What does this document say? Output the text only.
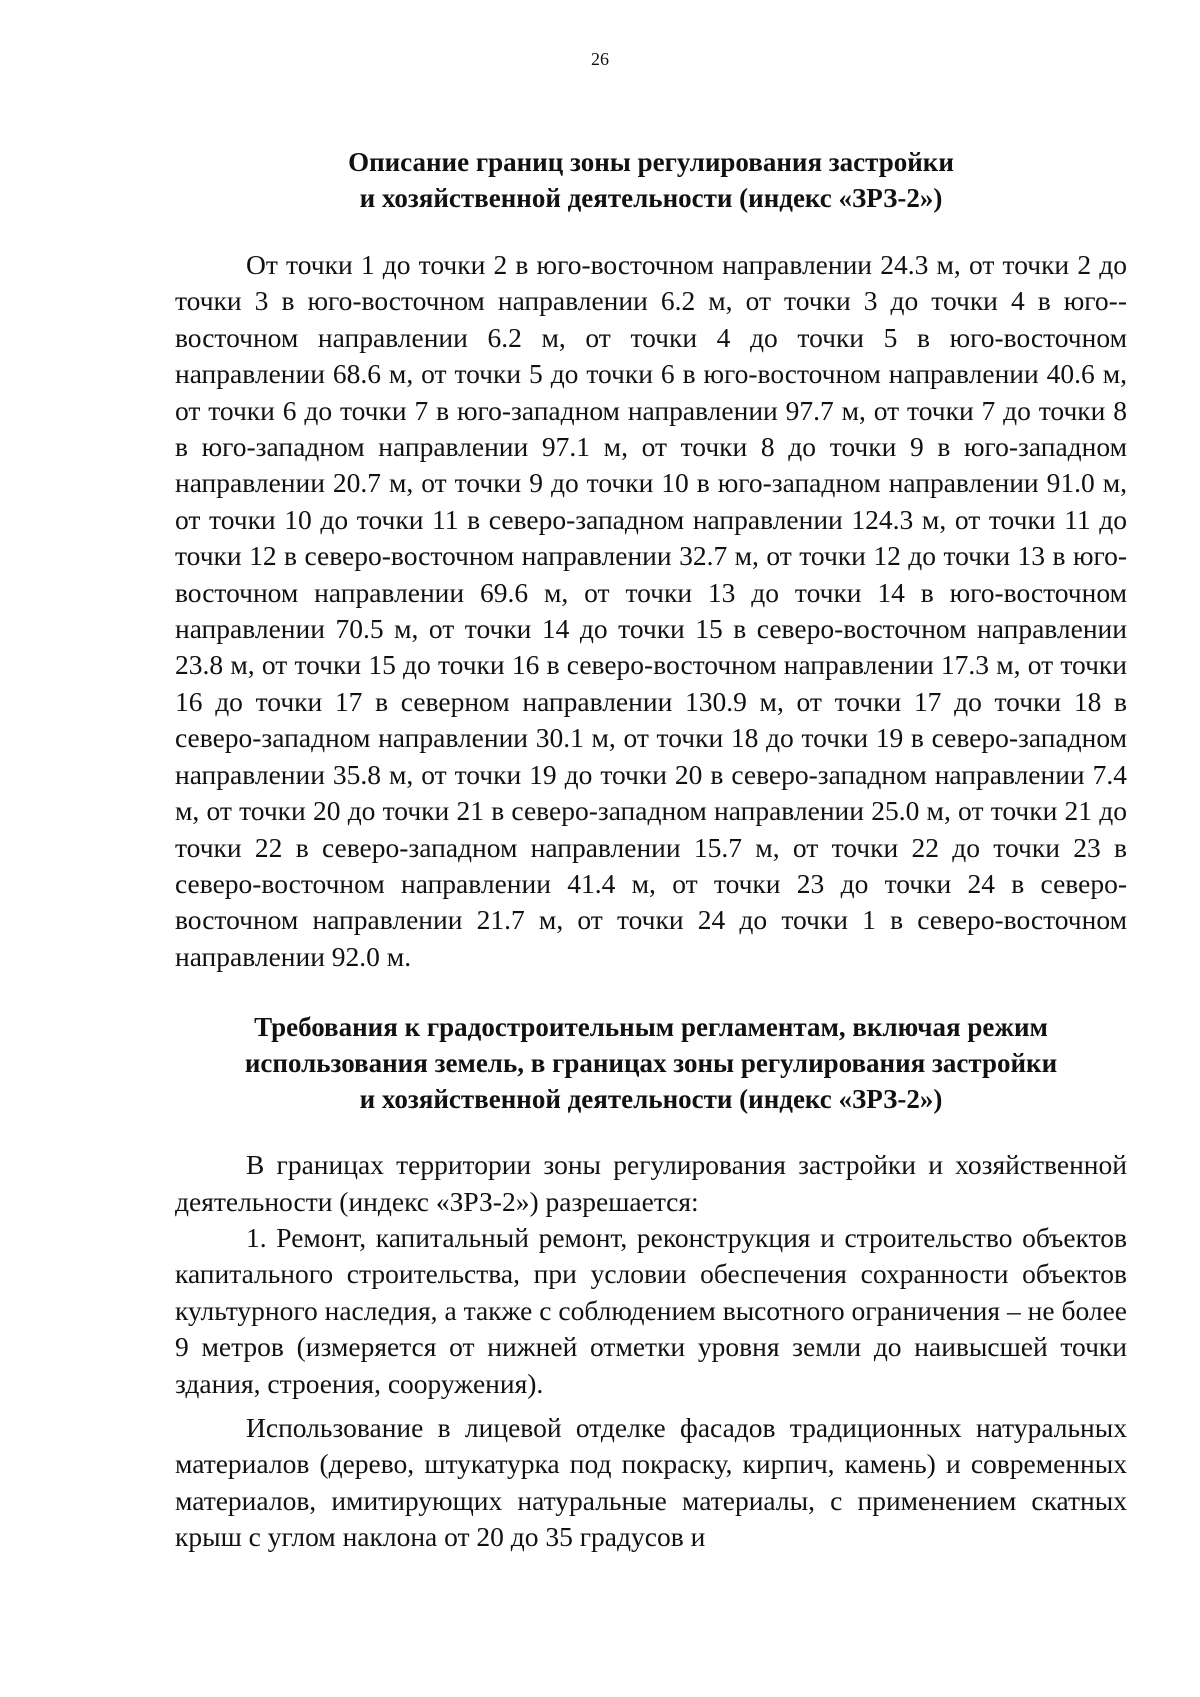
26
Описание границ зоны регулирования застройки
и хозяйственной деятельности (индекс «ЗРЗ-2»)

От точки 1 до точки 2 в юго-восточном направлении 24.3 м, от точки 2 до точки 3 в юго-восточном направлении 6.2 м, от точки 3 до точки 4 в юго-восточном направлении 6.2 м, от точки 4 до точки 5 в юго-восточном направлении 68.6 м, от точки 5 до точки 6 в юго-восточном направлении 40.6 м, от точки 6 до точки 7 в юго-западном направлении 97.7 м, от точки 7 до точки 8 в юго-западном направлении 97.1 м, от точки 8 до точки 9 в юго-западном направлении 20.7 м, от точки 9 до точки 10 в юго-западном направлении 91.0 м, от точки 10 до точки 11 в северо-западном направлении 124.3 м, от точки 11 до точки 12 в северо-восточном направлении 32.7 м, от точки 12 до точки 13 в юго-восточном направлении 69.6 м, от точки 13 до точки 14 в юго-восточном направлении 70.5 м, от точки 14 до точки 15 в северо-восточном направлении 23.8 м, от точки 15 до точки 16 в северо-восточном направлении 17.3 м, от точки 16 до точки 17 в северном направлении 130.9 м, от точки 17 до точки 18 в северо-западном направлении 30.1 м, от точки 18 до точки 19 в северо-западном направлении 35.8 м, от точки 19 до точки 20 в северо-западном направлении 7.4 м, от точки 20 до точки 21 в северо-западном направлении 25.0 м, от точки 21 до точки 22 в северо-западном направлении 15.7 м, от точки 22 до точки 23 в северо-восточном направлении 41.4 м, от точки 23 до точки 24 в северо-восточном направлении 21.7 м, от точки 24 до точки 1 в северо-восточном направлении 92.0 м.

Требования к градостроительным регламентам, включая режим
использования земель, в границах зоны регулирования застройки
и хозяйственной деятельности (индекс «ЗРЗ-2»)

В границах территории зоны регулирования застройки и хозяйственной деятельности (индекс «ЗРЗ-2») разрешается:

1. Ремонт, капитальный ремонт, реконструкция и строительство объектов капитального строительства, при условии обеспечения сохранности объектов культурного наследия, а также с соблюдением высотного ограничения – не более 9 метров (измеряется от нижней отметки уровня земли до наивысшей точки здания, строения, сооружения).

Использование в лицевой отделке фасадов традиционных натуральных материалов (дерево, штукатурка под покраску, кирпич, камень) и современных материалов, имитирующих натуральные материалы, с применением скатных крыш с углом наклона от 20 до 35 градусов и
